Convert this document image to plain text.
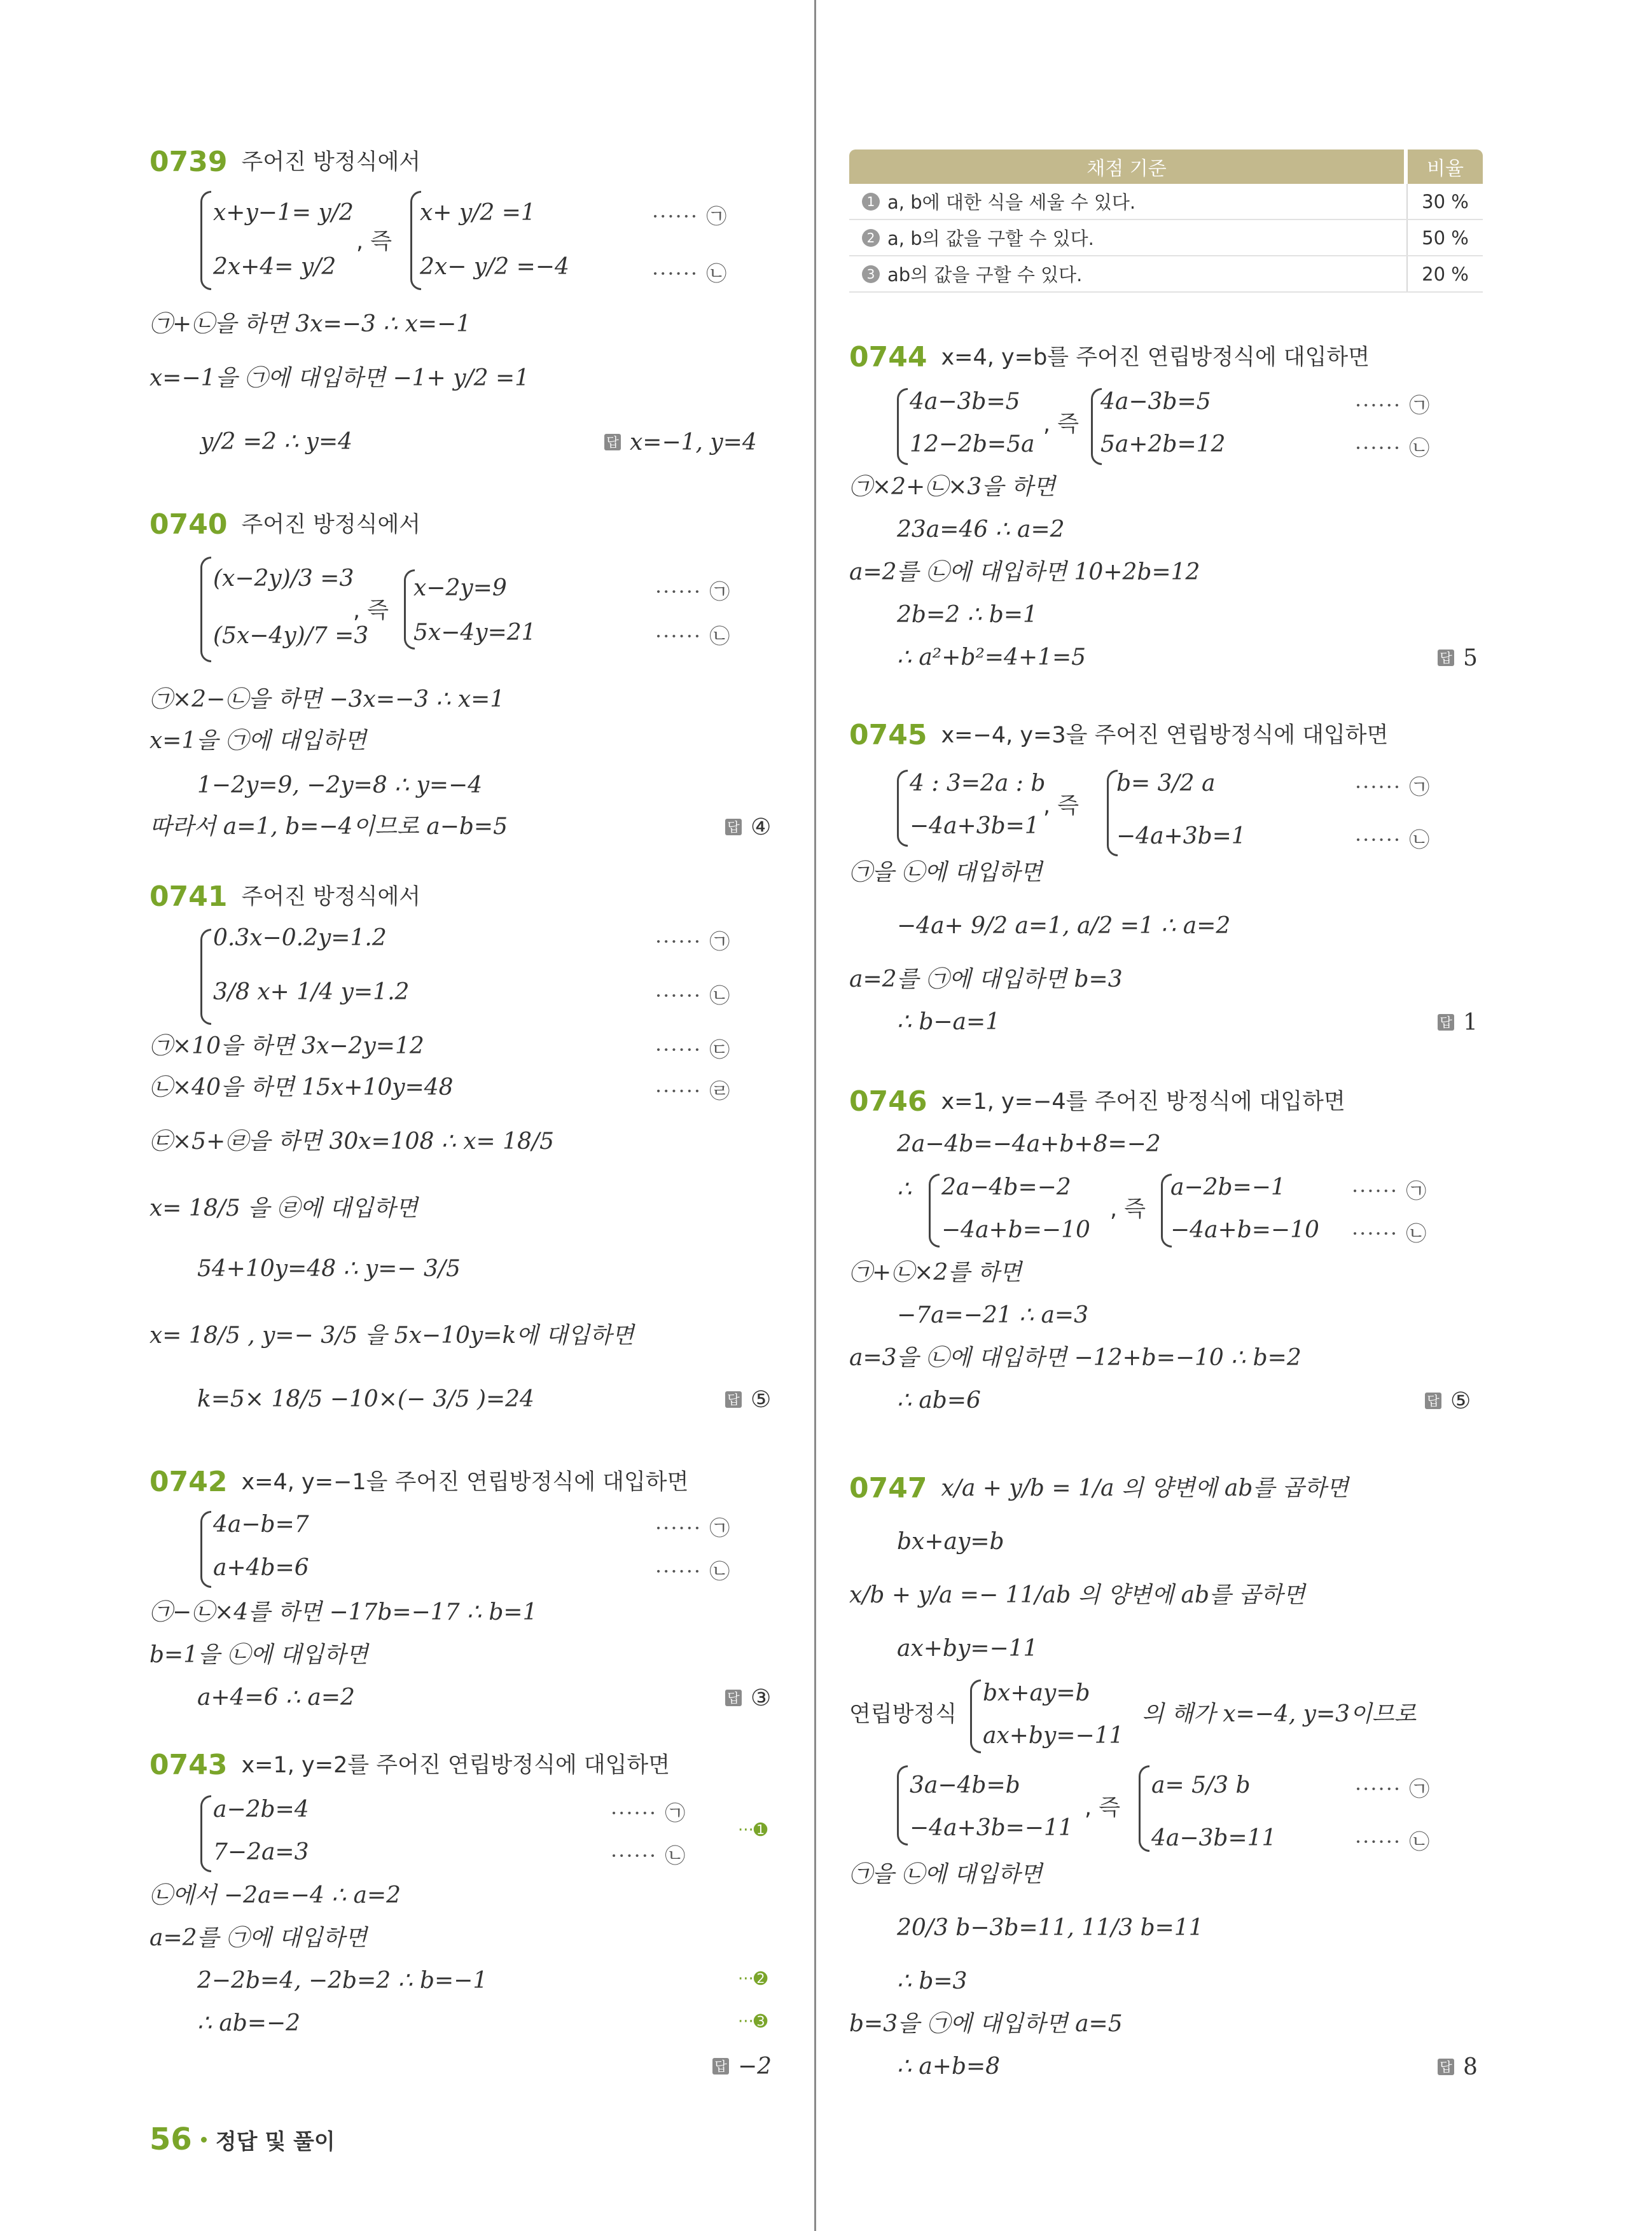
0739 주어진 방정식에서
x+y−1= y/2
2x+4= y/2
, 즉
x+ y/2 =1
2x− y/2 =−4
······ ㉠
······ ㉡
㉠+㉡을 하면 3x=−3 ∴ x=−1
x=−1을 ㉠에 대입하면 −1+ y/2 =1
y/2 =2 ∴ y=4	답 x=−1, y=4
0740 주어진 방정식에서
(x−2y)/3 =3
(5x−4y)/7 =3
, 즉
x−2y=9
5x−4y=21
······ ㉠
······ ㉡
㉠×2−㉡을 하면 −3x=−3 ∴ x=1
x=1을 ㉠에 대입하면
1−2y=9, −2y=8 ∴ y=−4
따라서 a=1, b=−4이므로 a−b=5	답 ④
0741 주어진 방정식에서
0.3x−0.2y=1.2
3/8 x+ 1/4 y=1.2
······ ㉠
······ ㉡
㉠×10을 하면 3x−2y=12	······ ㉢
㉡×40을 하면 15x+10y=48	······ ㉣
㉢×5+㉣을 하면 30x=108 ∴ x= 18/5
x= 18/5 을 ㉣에 대입하면
54+10y=48 ∴ y=− 3/5
x= 18/5 , y=− 3/5 을 5x−10y=k에 대입하면
k=5× 18/5 −10×(− 3/5 )=24	답 ⑤
0742 x=4, y=−1을 주어진 연립방정식에 대입하면
4a−b=7
a+4b=6
······ ㉠
······ ㉡
㉠−㉡×4를 하면 −17b=−17 ∴ b=1
b=1을 ㉡에 대입하면
a+4=6 ∴ a=2	답 ③
0743 x=1, y=2를 주어진 연립방정식에 대입하면
a−2b=4
7−2a=3
······ ㉠
······ ㉡
···➊
㉡에서 −2a=−4 ∴ a=2
a=2를 ㉠에 대입하면
2−2b=4, −2b=2 ∴ b=−1	···➋
∴ ab=−2	···➌
답 −2
56 정답 및 풀이
채점 기준	비율
1 a, b에 대한 식을 세울 수 있다.	30 %
2 a, b의 값을 구할 수 있다.	50 %
3 ab의 값을 구할 수 있다.	20 %
0744 x=4, y=b를 주어진 연립방정식에 대입하면
4a−3b=5
12−2b=5a
, 즉
4a−3b=5
5a+2b=12
······ ㉠
······ ㉡
㉠×2+㉡×3을 하면
23a=46 ∴ a=2
a=2를 ㉡에 대입하면 10+2b=12
2b=2 ∴ b=1
∴ a²+b²=4+1=5	답 5
0745 x=−4, y=3을 주어진 연립방정식에 대입하면
4 : 3=2a : b
−4a+3b=1
, 즉
b= 3/2 a
−4a+3b=1
······ ㉠
······ ㉡
㉠을 ㉡에 대입하면
−4a+ 9/2 a=1, a/2 =1 ∴ a=2
a=2를 ㉠에 대입하면 b=3
∴ b−a=1	답 1
0746 x=1, y=−4를 주어진 방정식에 대입하면
2a−4b=−4a+b+8=−2
∴ 2a−4b=−2
−4a+b=−10
, 즉
a−2b=−1
−4a+b=−10
······ ㉠
······ ㉡
㉠+㉡×2를 하면
−7a=−21 ∴ a=3
a=3을 ㉡에 대입하면 −12+b=−10 ∴ b=2
∴ ab=6	답 ⑤
0747 x/a + y/b = 1/a 의 양변에 ab를 곱하면
bx+ay=b
x/b + y/a =− 11/ab 의 양변에 ab를 곱하면
ax+by=−11
연립방정식
bx+ay=b
ax+by=−11
의 해가 x=−4, y=3이므로
3a−4b=b
−4a+3b=−11
, 즉
a= 5/3 b
4a−3b=11
······ ㉠
······ ㉡
㉠을 ㉡에 대입하면
20/3 b−3b=11, 11/3 b=11
∴ b=3
b=3을 ㉠에 대입하면 a=5
∴ a+b=8	답 8
